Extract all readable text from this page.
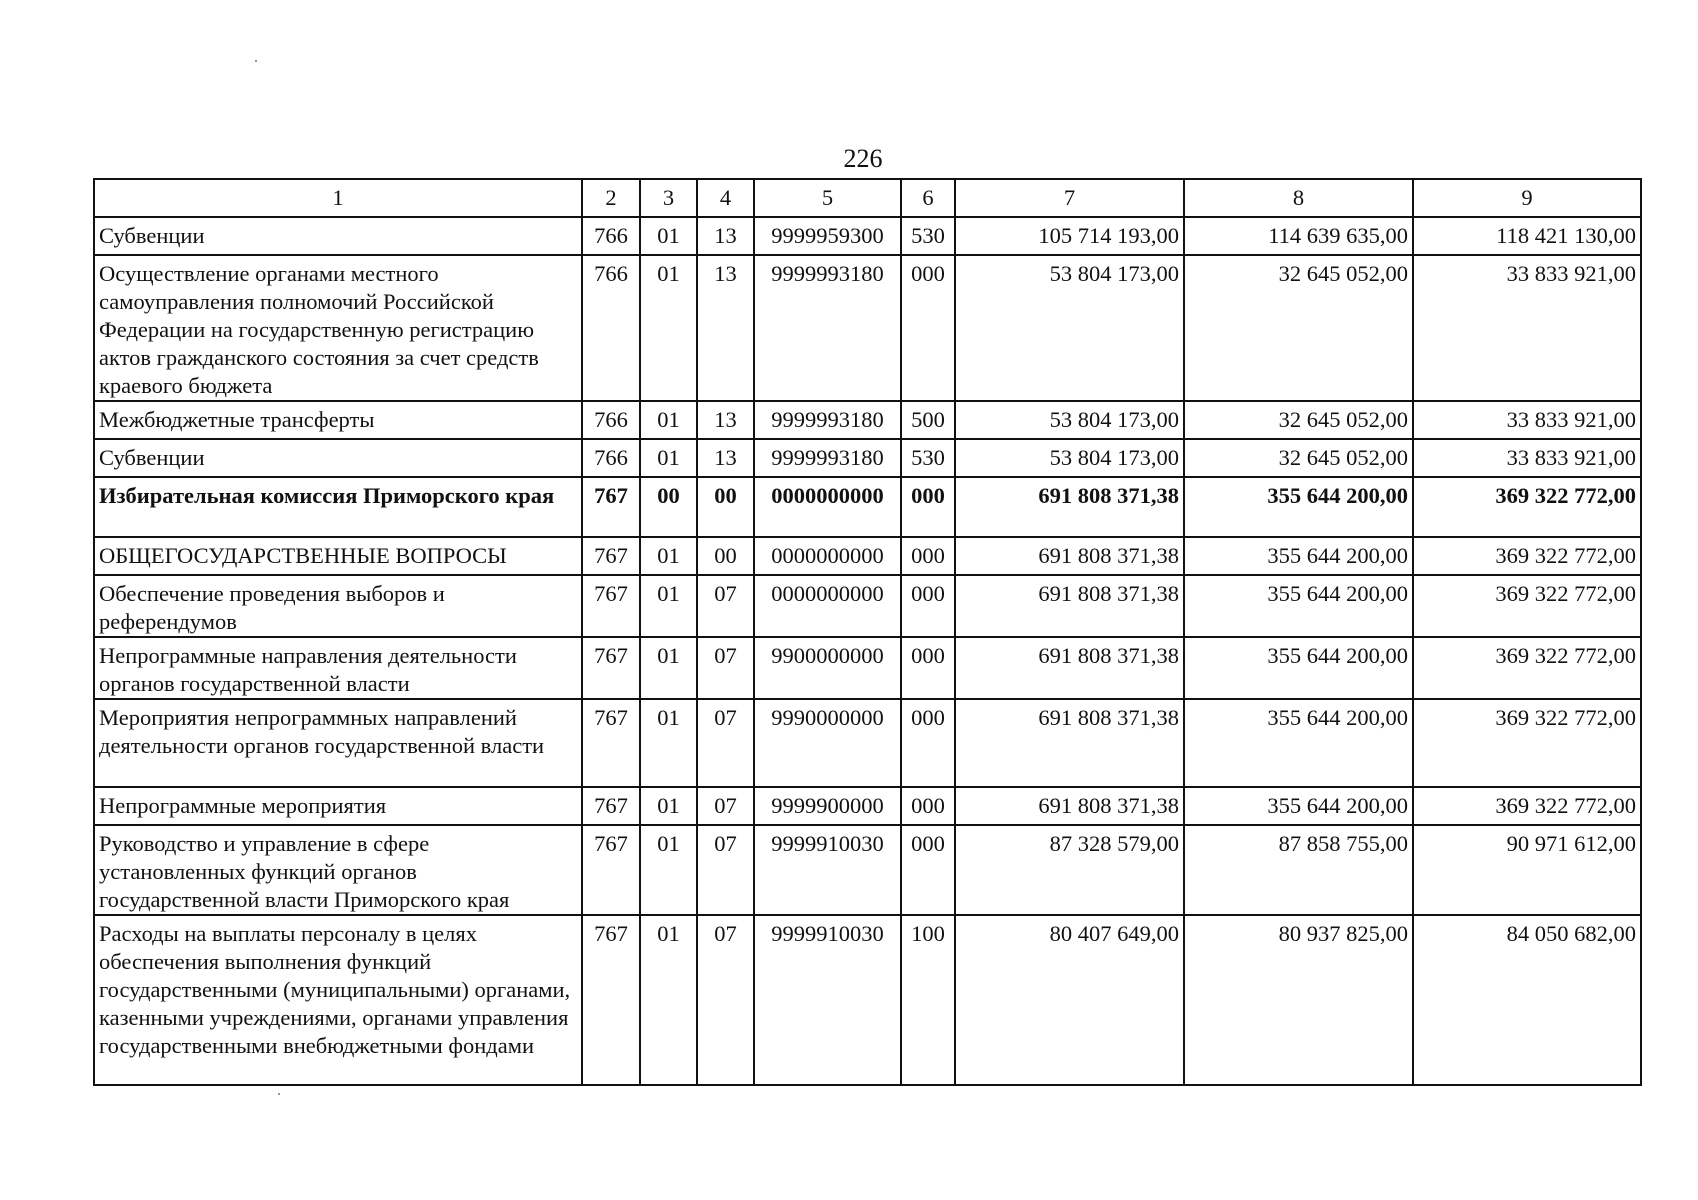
226
1	2	3	4	5	6	7	8	9
Субвенции	766	01	13	9999959300	530	105 714 193,00	114 639 635,00	118 421 130,00
Осуществление органами местного самоуправления полномочий Российской Федерации на государственную регистрацию актов гражданского состояния за счет средств краевого бюджета	766	01	13	9999993180	000	53 804 173,00	32 645 052,00	33 833 921,00
Межбюджетные трансферты	766	01	13	9999993180	500	53 804 173,00	32 645 052,00	33 833 921,00
Субвенции	766	01	13	9999993180	530	53 804 173,00	32 645 052,00	33 833 921,00
Избирательная комиссия Приморского края	767	00	00	0000000000	000	691 808 371,38	355 644 200,00	369 322 772,00
ОБЩЕГОСУДАРСТВЕННЫЕ ВОПРОСЫ	767	01	00	0000000000	000	691 808 371,38	355 644 200,00	369 322 772,00
Обеспечение проведения выборов и референдумов	767	01	07	0000000000	000	691 808 371,38	355 644 200,00	369 322 772,00
Непрограммные направления деятельности органов государственной власти	767	01	07	9900000000	000	691 808 371,38	355 644 200,00	369 322 772,00
Мероприятия непрограммных направлений деятельности органов государственной власти	767	01	07	9990000000	000	691 808 371,38	355 644 200,00	369 322 772,00
Непрограммные мероприятия	767	01	07	9999900000	000	691 808 371,38	355 644 200,00	369 322 772,00
Руководство и управление в сфере установленных функций органов государственной власти Приморского края	767	01	07	9999910030	000	87 328 579,00	87 858 755,00	90 971 612,00
Расходы на выплаты персоналу в целях обеспечения выполнения функций государственными (муниципальными) органами, казенными учреждениями, органами управления государственными внебюджетными фондами	767	01	07	9999910030	100	80 407 649,00	80 937 825,00	84 050 682,00
